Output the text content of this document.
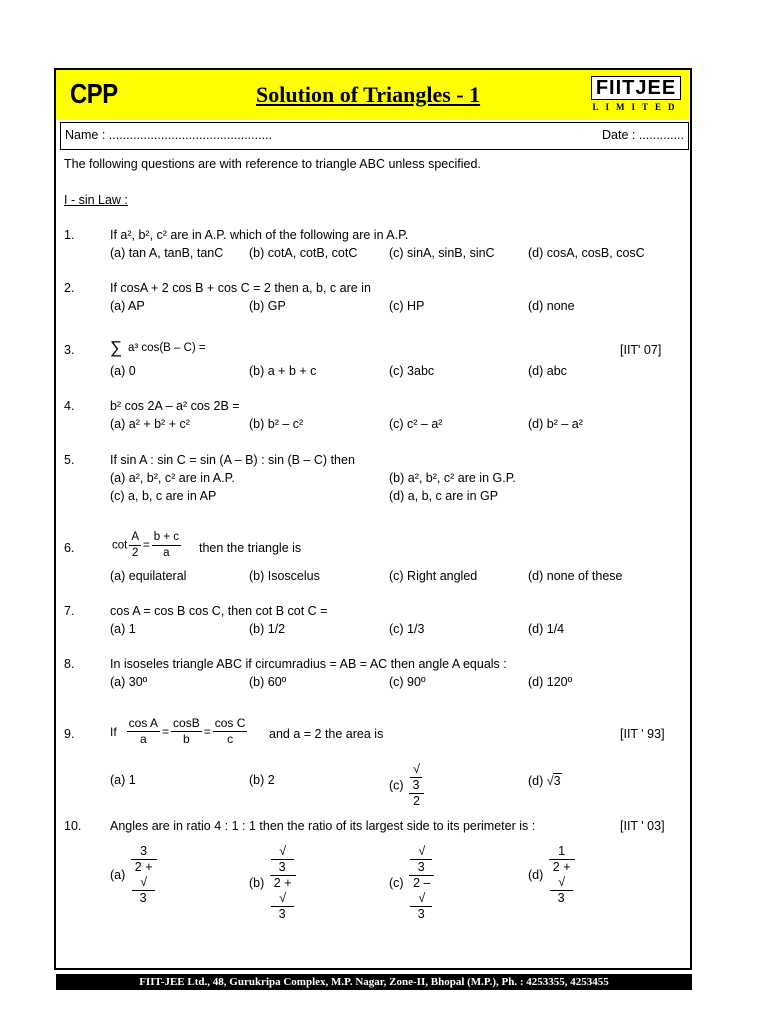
CPP	Solution of Triangles - 1	FIITJEE
LIMITED
Name : ...............................................	Date : .............
The following questions are with reference to triangle ABC unless specified.
I - sin Law :
1.	If a², b², c² are in A.P. which of the following are in A.P.
(a) tan A, tanB, tanC (b) cotA, cotB, cotC	(c) sinA, sinB, sinC	(d) cosA, cosB, cosC
2.	If cosA + 2 cos B + cos C = 2 then a, b, c are in
(a) AP	(b) GP	(c) HP	(d) none
3. ∑ a³ cos(B – C) =	[IIT' 07]
(a) 0	(b) a + b + c	(c) 3abc	(d) abc
4.	b² cos 2A – a² cos 2B =
(a) a² + b² + c²	(b) b² – c²	(c) c² – a²	(d) b² – a²
5.	If sin A : sin C = sin (A – B) : sin (B – C) then
(a) a², b², c² are in A.P.	(b) a², b², c² are in G.P.
(c) a, b, c are in AP	(d) a, b, c are in GP
6.	$\cot \frac{A}{2} = \frac{b + c}{a}$ then the triangle is
(a) equilateral	(b) Isoscelus	(c) Right angled	(d) none of these
7.	cos A = cos B cos C, then cot B cot C =
(a) 1	(b) 1/2	(c) 1/3	(d) 1/4
8.	In isoseles triangle ABC if circumradius = AB = AC then angle A equals :
(a) 30º	(b) 60º	(c) 90º	(d) 120º
9.	If $\frac{\text{cos A}}{a} = \frac{\cos B}{b} = \frac{\text{cos C}}{c}$ and a = 2 the area is	[IIT ' 93]
(a) 1	(b) 2	(c) √
3
2	(d) √3
10. Angles are in ratio 4 : 1 : 1 then the ratio of its largest side to its perimeter is :	[IIT ' 03]
(a) 3
2 +
√
3	(b) √
3
2 +
√
3	(c) √
3
2 –
√
3	(d) 1
2 +
√
3
FIIT-JEE Ltd., 48, Gurukripa Complex, M.P. Nagar, Zone-II, Bhopal (M.P.), Ph. : 4253355, 4253455
